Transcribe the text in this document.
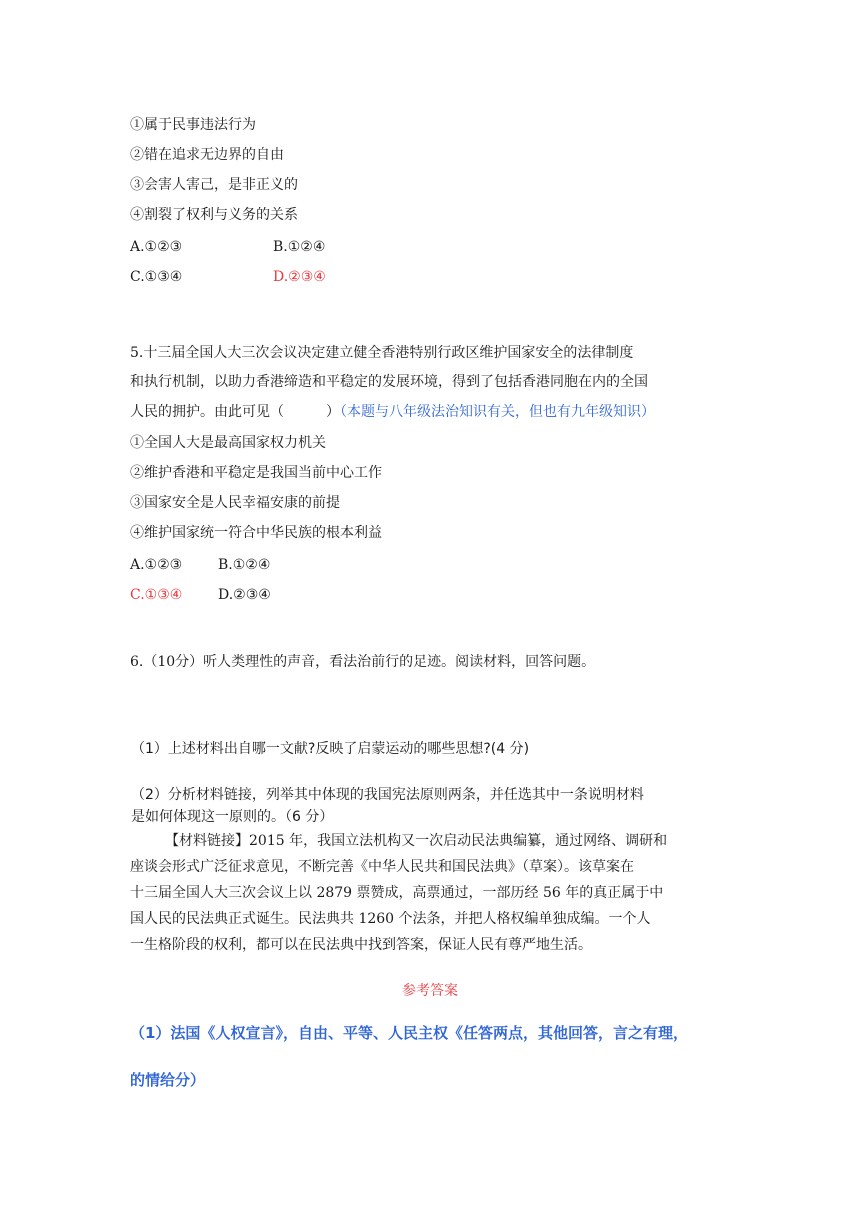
①属于民事违法行为
②错在追求无边界的自由
③会害人害己，是非正义的
④割裂了权利与义务的关系
A.①②③	B.①②④
C.①③④	D.②③④
5.十三届全国人大三次会议决定建立健全香港特别行政区维护国家安全的法律制度
和执行机制，以助力香港缔造和平稳定的发展环境，得到了包括香港同胞在内的全国
人民的拥护。由此可见（　　　）（本题与八年级法治知识有关，但也有九年级知识）
①全国人大是最高国家权力机关
②维护香港和平稳定是我国当前中心工作
③国家安全是人民幸福安康的前提
④维护国家统一符合中华民族的根本利益
A.①②③	B.①②④
C.①③④	D.②③④
6.（10分）听人类理性的声音，看法治前行的足迹。阅读材料，回答问题。
（1）上述材料出自哪一文献?反映了启蒙运动的哪些思想?(4 分)
（2）分析材料链接，列举其中体现的我国宪法原则两条，并任选其中一条说明材料
是如何体现这一原则的。（6 分）
【材料链接】2015 年，我国立法机构又一次启动民法典编纂，通过网络、调研和
座谈会形式广泛征求意见，不断完善《中华人民共和国民法典》（草案）。该草案在
十三届全国人大三次会议上以 2879 票赞成，高票通过，一部历经 56 年的真正属于中
国人民的民法典正式诞生。民法典共 1260 个法条，并把人格权编单独成编。一个人
一生格阶段的权利，都可以在民法典中找到答案，保证人民有尊严地生活。
参考答案
（1）法国《人权宣言》，自由、平等、人民主权《任答两点，其他回答，言之有理，
的情给分）
